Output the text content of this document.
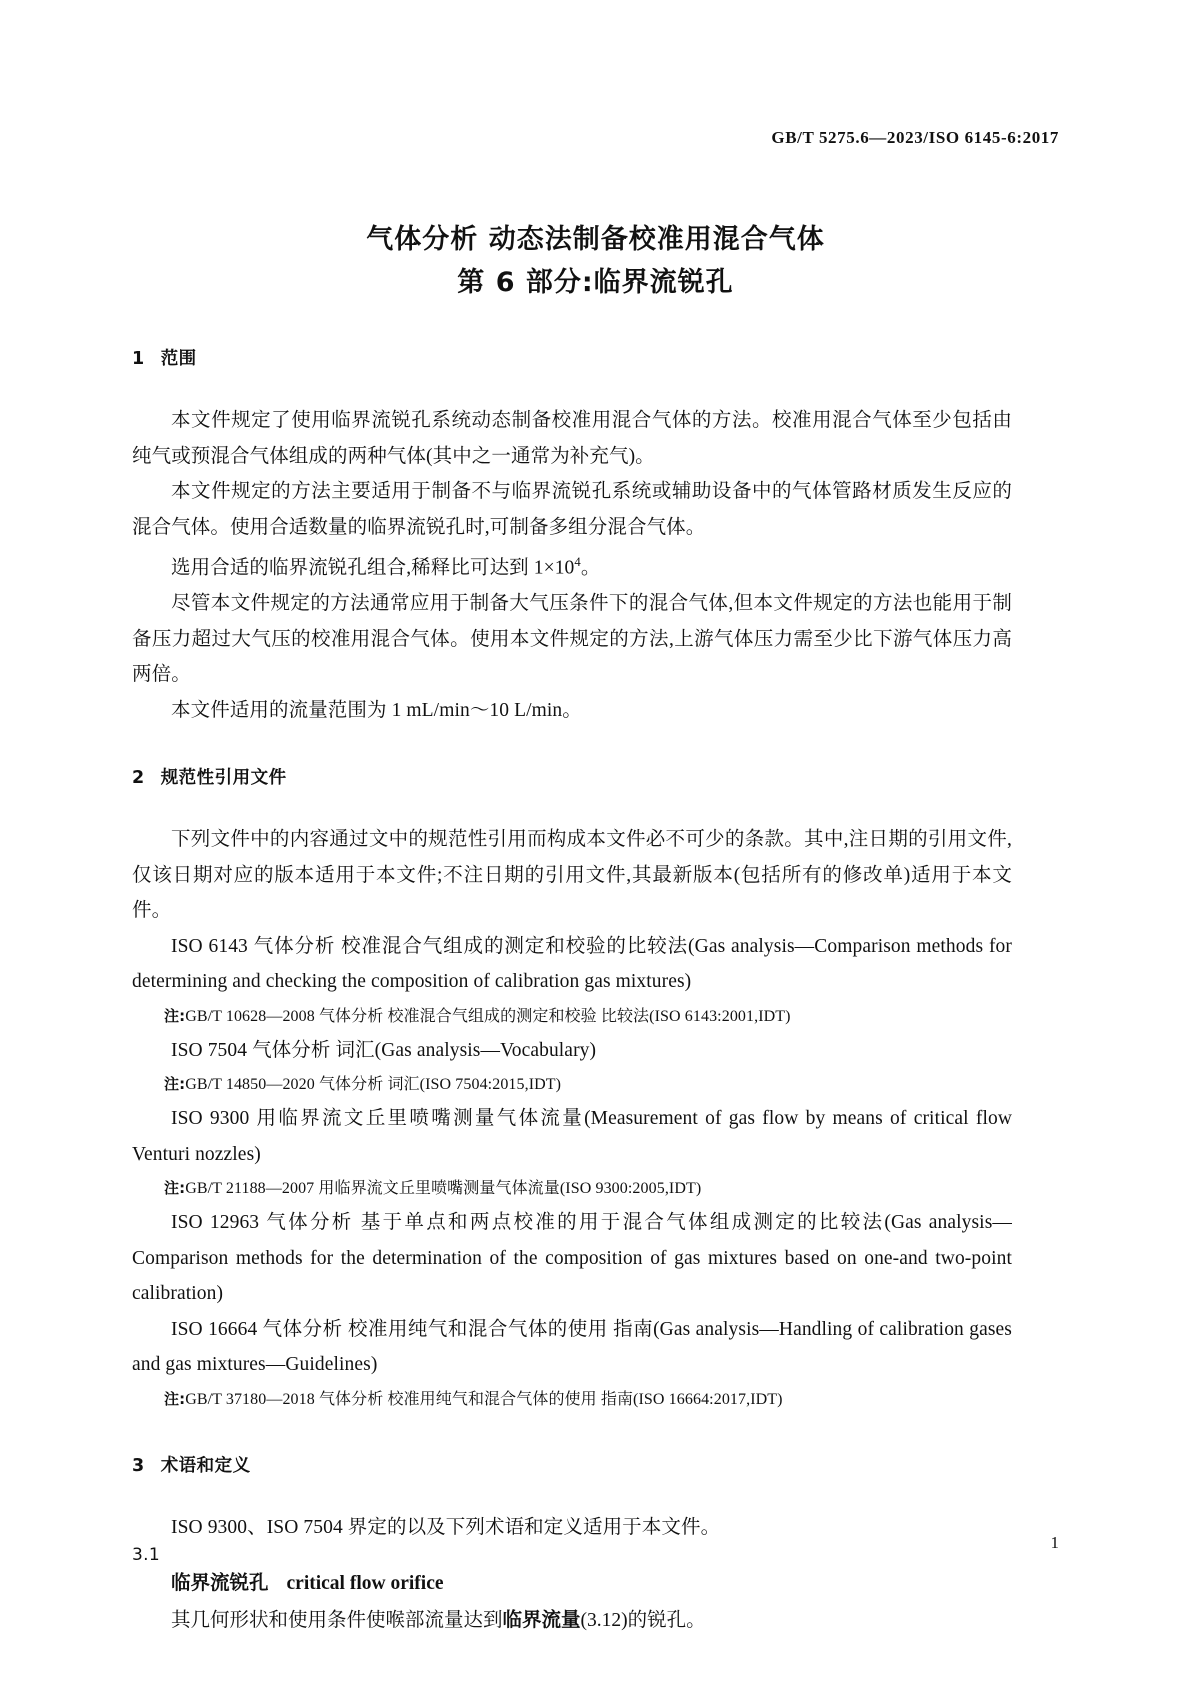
GB/T 5275.6—2023/ISO 6145-6:2017
气体分析 动态法制备校准用混合气体
第 6 部分:临界流锐孔
1 范围

本文件规定了使用临界流锐孔系统动态制备校准用混合气体的方法。校准用混合气体至少包括由纯气或预混合气体组成的两种气体(其中之一通常为补充气)。

本文件规定的方法主要适用于制备不与临界流锐孔系统或辅助设备中的气体管路材质发生反应的混合气体。使用合适数量的临界流锐孔时,可制备多组分混合气体。

选用合适的临界流锐孔组合,稀释比可达到 $1\times 10^4$。

尽管本文件规定的方法通常应用于制备大气压条件下的混合气体,但本文件规定的方法也能用于制备压力超过大气压的校准用混合气体。使用本文件规定的方法,上游气体压力需至少比下游气体压力高两倍。

本文件适用的流量范围为 1 mL/min～10 L/min。

2 规范性引用文件

下列文件中的内容通过文中的规范性引用而构成本文件必不可少的条款。其中,注日期的引用文件,仅该日期对应的版本适用于本文件;不注日期的引用文件,其最新版本(包括所有的修改单)适用于本文件。

ISO 6143 气体分析 校准混合气组成的测定和校验的比较法(Gas analysis—Comparison methods for determining and checking the composition of calibration gas mixtures)

注:GB/T 10628—2008 气体分析 校准混合气组成的测定和校验 比较法(ISO 6143:2001,IDT)

ISO 7504 气体分析 词汇(Gas analysis—Vocabulary)

注:GB/T 14850—2020 气体分析 词汇(ISO 7504:2015,IDT)

ISO 9300 用临界流文丘里喷嘴测量气体流量(Measurement of gas flow by means of critical flow Venturi nozzles)

注:GB/T 21188—2007 用临界流文丘里喷嘴测量气体流量(ISO 9300:2005,IDT)

ISO 12963 气体分析 基于单点和两点校准的用于混合气体组成测定的比较法(Gas analysis—Comparison methods for the determination of the composition of gas mixtures based on one-and two-point calibration)

ISO 16664 气体分析 校准用纯气和混合气体的使用 指南(Gas analysis—Handling of calibration gases and gas mixtures—Guidelines)

注:GB/T 37180—2018 气体分析 校准用纯气和混合气体的使用 指南(ISO 16664:2017,IDT)

3 术语和定义

ISO 9300、ISO 7504 界定的以及下列术语和定义适用于本文件。

3.1

临界流锐孔 critical flow orifice

其几何形状和使用条件使喉部流量达到临界流量(3.12)的锐孔。

1
